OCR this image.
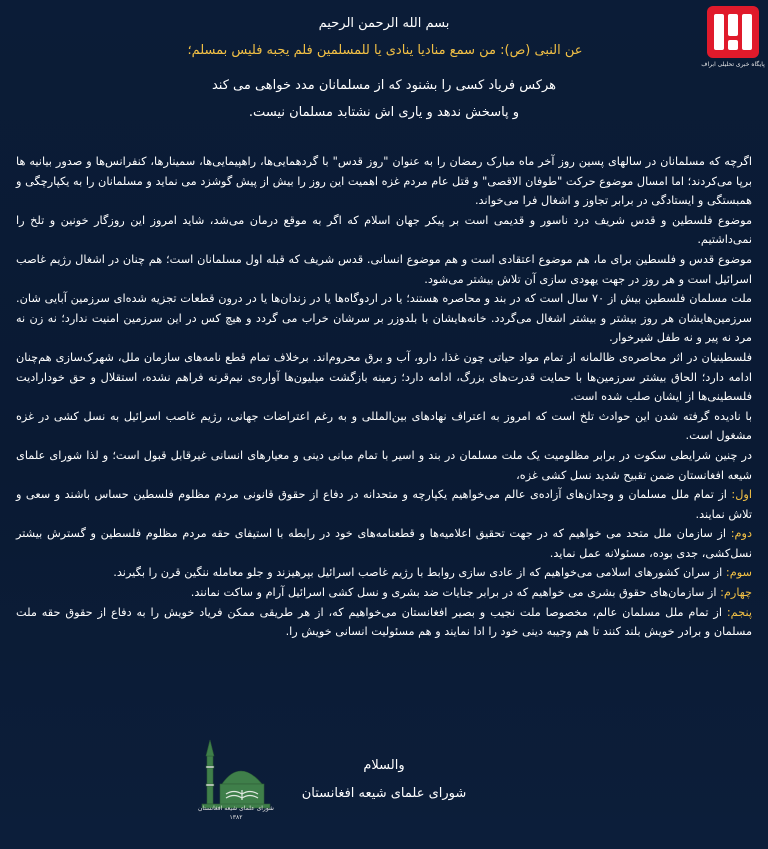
پایگاه خبری تحلیلی ابراف
بسم الله الرحمن الرحیم
عن النبی (ص): من سمع منادیا ینادی یا للمسلمین فلم یجبه فلیس بمسلم؛
هرکس فریاد کسی را بشنود که از مسلمانان مدد خواهی می کند
و پاسخش ندهد و یاری اش نشتابد مسلمان نیست.

اگرچه که مسلمانان در سالهای پسین روز آخر ماه مبارک رمضان را به عنوان "روز قدس" با گردهمایی‌ها، راهپیمایی‌ها، سمینارها، کنفرانس‌ها و صدور بیانیه ها برپا می‌کردند؛ اما امسال موضوع حرکت "طوفان الاقصی" و قتل عام مردم غزه اهمیت این روز را بیش از پیش گوشزد می نماید و مسلمانان را به یکپارچگی و همبستگی و ایستادگی در برابر تجاوز و اشغال فرا می‌خواند.

موضوع فلسطین و قدس شریف درد ناسور و قدیمی است بر پیکر جهان اسلام که اگر به موقع درمان می‌شد، شاید امروز این روزگار خونین و تلخ را نمی‌داشتیم.

موضوع قدس و فلسطین برای ما، هم موضوع اعتقادی است و هم موضوع انسانی. قدس شریف که قبله اول مسلمانان است؛ هم چنان در اشغال رژیم غاصب اسرائیل است و هر روز در جهت یهودی سازی آن تلاش بیشتر می‌شود.

ملت مسلمان فلسطین بیش از ۷۰ سال است که در بند و محاصره هستند؛ یا در اردوگاه‌ها یا در زندان‌ها یا در درون قطعات تجزیه شده‌ای سرزمین آبایی شان. سرزمین‌هایشان هر روز بیشتر و بیشتر اشغال می‌گردد. خانه‌هایشان با بلدوزر بر سرشان خراب می گردد و هیچ کس در این سرزمین امنیت ندارد؛ نه زن نه مرد نه پیر و نه طفل شیرخوار.

فلسطینیان در اثر محاصره‌ی ظالمانه از تمام مواد حیاتی چون غذا، دارو، آب و برق محروم‌اند. برخلاف تمام قطع نامه‌های سازمان ملل، شهرک‌سازی هم‌چنان ادامه دارد؛ الحاق بیشتر سرزمین‌ها با حمایت قدرت‌های بزرگ، ادامه دارد؛ زمینه بازگشت میلیون‌ها آواره‌ی نیم‌قرنه فراهم نشده، استقلال و حق خودارادیت فلسطینی‌ها از ایشان صلب شده است.

با نادیده گرفته شدن این حوادث تلخ است که امروز به اعتراف نهادهای بین‌المللی و به رغم اعتراضات جهانی، رژیم غاصب اسرائیل به نسل کشی در غزه مشغول است.

در چنین شرایطی سکوت در برابر مظلومیت یک ملت مسلمان در بند و اسیر با تمام مبانی دینی و معیارهای انسانی غیرقابل قبول است؛ و لذا شورای علمای شیعه افغانستان ضمن تقبیح شدید نسل کشی غزه،

اول: از تمام ملل مسلمان و وجدان‌های آزاده‌ی عالم می‌خواهیم یکپارچه و متحدانه در دفاع از حقوق قانونی مردم مظلوم فلسطین حساس باشند و سعی و تلاش نمایند.

دوم: از سازمان ملل متحد می خواهیم که در جهت تحقیق اعلامیه‌ها و قطعنامه‌های خود در رابطه با استیفای حقه مردم مظلوم فلسطین و گسترش بیشتر نسل‌کشی، جدی بوده، مسئولانه عمل نماید.

سوم: از سران کشورهای اسلامی می‌خواهیم که از عادی سازی روابط با رژیم غاصب اسرائیل بپرهیزند و جلو معامله ننگین قرن را بگیرند.

چهارم: از سازمان‌های حقوق بشری می خواهیم که در برابر جنایات ضد بشری و نسل کشی اسرائیل آرام و ساکت نمانند.

پنجم: از تمام ملل مسلمان عالم، مخصوصا ملت نجیب و بصیر افغانستان می‌خواهیم که، از هر طریقی ممکن فریاد خویش را به دفاع از حقوق حقه ملت مسلمان و برادر خویش بلند کنند تا هم وجیبه دینی خود را ادا نمایند و هم مسئولیت انسانی خویش را.

والسلام
شورای علمای شیعه افغانستان
شورای علمای شیعه افغانستان
۱۳۸۲
